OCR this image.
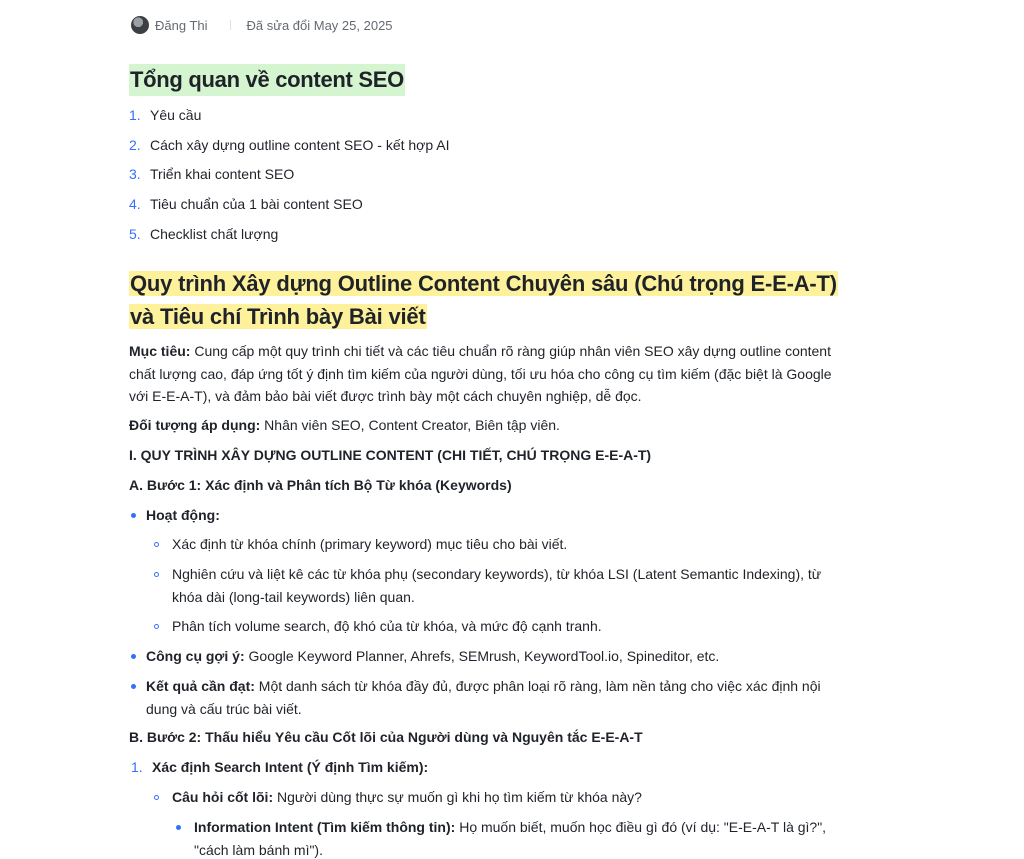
Đăng Thi	Đã sửa đổi May 25, 2025
Tổng quan về content SEO
1. Yêu cầu
2. Cách xây dựng outline content SEO - kết hợp AI
3. Triển khai content SEO
4. Tiêu chuẩn của 1 bài content SEO
5. Checklist chất lượng
Quy trình Xây dựng Outline Content Chuyên sâu (Chú trọng E-E-A-T)
và Tiêu chí Trình bày Bài viết

Mục tiêu: Cung cấp một quy trình chi tiết và các tiêu chuẩn rõ ràng giúp nhân viên SEO xây dựng outline content chất lượng cao, đáp ứng tốt ý định tìm kiếm của người dùng, tối ưu hóa cho công cụ tìm kiếm (đặc biệt là Google với E-E-A-T), và đảm bảo bài viết được trình bày một cách chuyên nghiệp, dễ đọc.

Đối tượng áp dụng: Nhân viên SEO, Content Creator, Biên tập viên.

I. QUY TRÌNH XÂY DỰNG OUTLINE CONTENT (CHI TIẾT, CHÚ TRỌNG E-E-A-T)

A. Bước 1: Xác định và Phân tích Bộ Từ khóa (Keywords)

Hoạt động:
Xác định từ khóa chính (primary keyword) mục tiêu cho bài viết.
Nghiên cứu và liệt kê các từ khóa phụ (secondary keywords), từ khóa LSI (Latent Semantic Indexing), từ khóa dài (long-tail keywords) liên quan.
Phân tích volume search, độ khó của từ khóa, và mức độ cạnh tranh.
Công cụ gợi ý: Google Keyword Planner, Ahrefs, SEMrush, KeywordTool.io, Spineditor, etc.
Kết quả cần đạt: Một danh sách từ khóa đầy đủ, được phân loại rõ ràng, làm nền tảng cho việc xác định nội dung và cấu trúc bài viết.

B. Bước 2: Thấu hiểu Yêu cầu Cốt lõi của Người dùng và Nguyên tắc E-E-A-T

1. Xác định Search Intent (Ý định Tìm kiếm):
Câu hỏi cốt lõi: Người dùng thực sự muốn gì khi họ tìm kiếm từ khóa này?
Information Intent (Tìm kiếm thông tin): Họ muốn biết, muốn học điều gì đó (ví dụ: "E-E-A-T là gì?", "cách làm bánh mì").
